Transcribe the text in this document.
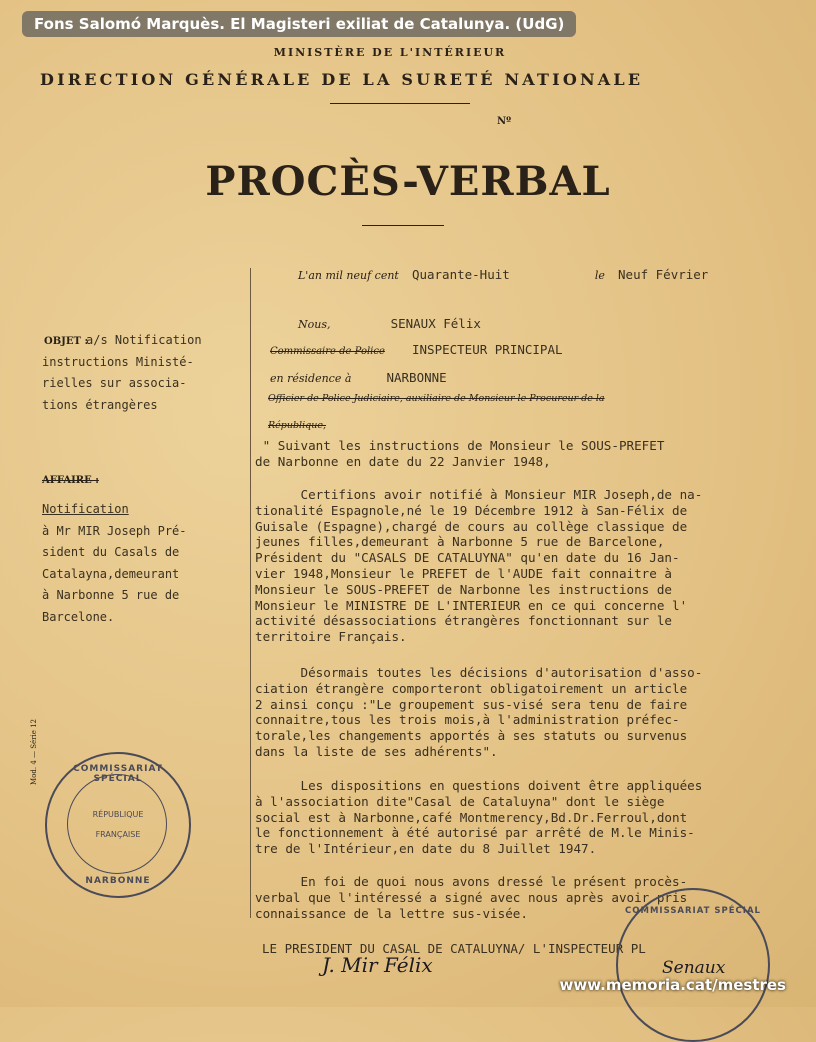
Fons Salomó Marquès. El Magisteri exiliat de Catalunya. (UdG)
MINISTÈRE DE L'INTÉRIEUR
DIRECTION GÉNÉRALE DE LA SURETÉ NATIONALE
Nº
PROCÈS-VERBAL
L'an mil neuf cent Quarante-Huit	le Neuf Février
Nous,	SENAUX Félix
Commissaire de Police INSPECTEUR PRINCIPAL
en résidence à	NARBONNE
Officier de Police Judiciaire, auxiliaire de Monsieur le Procureur de la
République,
OBJET :
a/s Notification
instructions Ministé-
rielles sur associa-
tions étrangères
AFFAIRE :
Notification
à Mr MIR Joseph Pré-
sident du Casals de
Catalayna,demeurant
à Narbonne 5 rue de
Barcelone.
Mod. 4 — Série 12
" Suivant les instructions de Monsieur le SOUS-PREFET
de Narbonne en date du 22 Janvier 1948,
Certifions avoir notifié à Monsieur MIR Joseph,de na-
tionalité Espagnole,né le 19 Décembre 1912 à San-Félix de
Guisale (Espagne),chargé de cours au collège classique de
jeunes filles,demeurant à Narbonne 5 rue de Barcelone,
Président du "CASALS DE CATALUYNA" qu'en date du 16 Jan-
vier 1948,Monsieur le PREFET de l'AUDE fait connaitre à
Monsieur le SOUS-PREFET de Narbonne les instructions de
Monsieur le MINISTRE DE L'INTERIEUR en ce qui concerne l'
activité désassociations étrangères fonctionnant sur le
territoire Français.
Désormais toutes les décisions d'autorisation d'asso-
ciation étrangère comporteront obligatoirement un article
2 ainsi conçu :"Le groupement sus-visé sera tenu de faire
connaitre,tous les trois mois,à l'administration préfec-
torale,les changements apportés à ses statuts ou survenus
dans la liste de ses adhérents".
Les dispositions en questions doivent être appliquées
à l'association dite"Casal de Cataluyna" dont le siège
social est à Narbonne,café Montmerency,Bd.Dr.Ferroul,dont
le fonctionnement à été autorisé par arrêté de M.le Minis-
tre de l'Intérieur,en date du 8 Juillet 1947.
En foi de quoi nous avons dressé le présent procès-
verbal que l'intéressé a signé avec nous après avoir pris
connaissance de la lettre sus-visée.
LE PRESIDENT DU CASAL DE CATALUYNA/ L'INSPECTEUR PL
J. Mir Félix	Senaux
COMMISSARIAT SPÉCIAL
RÉPUBLIQUE
FRANÇAISE
NARBONNE
COMMISSARIAT SPÉCIAL
www.memoria.cat/mestres
